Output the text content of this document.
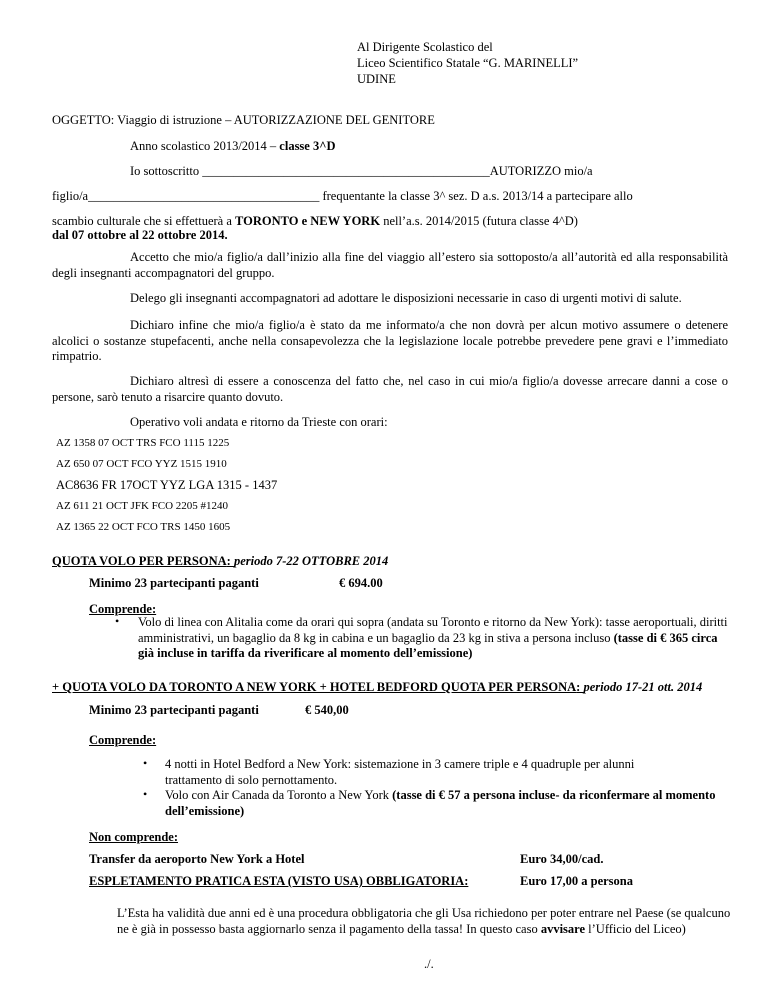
Al Dirigente Scolastico del
Liceo Scientifico Statale “G. MARINELLI”
UDINE
OGGETTO: Viaggio di istruzione – AUTORIZZAZIONE DEL GENITORE
Anno scolastico 2013/2014 – classe 3^D
Io sottoscritto ______________________________________________AUTORIZZO mio/a
figlio/a_____________________________________ frequentante la classe 3^ sez. D a.s. 2013/14 a partecipare allo
scambio culturale che si effettuerà a TORONTO e NEW YORK nell’a.s. 2014/2015 (futura classe 4^D)
dal 07 ottobre al 22 ottobre 2014.
Accetto che mio/a figlio/a dall’inizio alla fine del viaggio all’estero sia sottoposto/a all’autorità ed alla responsabilità degli insegnanti accompagnatori del gruppo.
Delego gli insegnanti accompagnatori ad adottare le disposizioni necessarie in caso di urgenti motivi di salute.
Dichiaro infine che mio/a figlio/a è stato da me informato/a che non dovrà per alcun motivo assumere o detenere alcolici o sostanze stupefacenti, anche nella consapevolezza che la legislazione locale potrebbe prevedere pene gravi e l’immediato rimpatrio.
Dichiaro altresì di essere a conoscenza del fatto che, nel caso in cui mio/a figlio/a dovesse arrecare danni a cose o persone, sarò tenuto a risarcire quanto dovuto.
Operativo voli andata e ritorno da Trieste con orari:
AZ 1358 07 OCT TRS FCO 1115 1225
AZ 650 07 OCT FCO YYZ 1515 1910
AC8636 FR 17OCT YYZ LGA 1315 - 1437
AZ 611 21 OCT JFK FCO 2205 #1240
AZ 1365 22 OCT FCO TRS 1450 1605
QUOTA VOLO PER PERSONA: periodo 7-22 OTTOBRE 2014
Minimo 23 partecipanti paganti	€ 694.00
Comprende:
• Volo di linea con Alitalia come da orari qui sopra (andata su Toronto e ritorno da New York): tasse aeroportuali, diritti amministrativi, un bagaglio da 8 kg in cabina e un bagaglio da 23 kg in stiva a persona incluso (tasse di € 365 circa già incluse in tariffa da riverificare al momento dell’emissione)
+ QUOTA VOLO DA TORONTO A NEW YORK + HOTEL BEDFORD QUOTA PER PERSONA: periodo 17-21 ott. 2014
Minimo 23 partecipanti paganti	€ 540,00
Comprende:
• 4 notti in Hotel Bedford a New York: sistemazione in 3 camere triple e 4 quadruple per alunni trattamento di solo pernottamento.
• Volo con Air Canada da Toronto a New York (tasse di € 57 a persona incluse- da riconfermare al momento dell’emissione)
Non comprende:
Transfer da aeroporto New York a Hotel	Euro 34,00/cad.
ESPLETAMENTO PRATICA ESTA (VISTO USA) OBBLIGATORIA:	Euro 17,00 a persona
L’Esta ha validità due anni ed è una procedura obbligatoria che gli Usa richiedono per poter entrare nel Paese (se qualcuno ne è già in possesso basta aggiornarlo senza il pagamento della tassa! In questo caso avvisare l’Ufficio del Liceo)
./.
